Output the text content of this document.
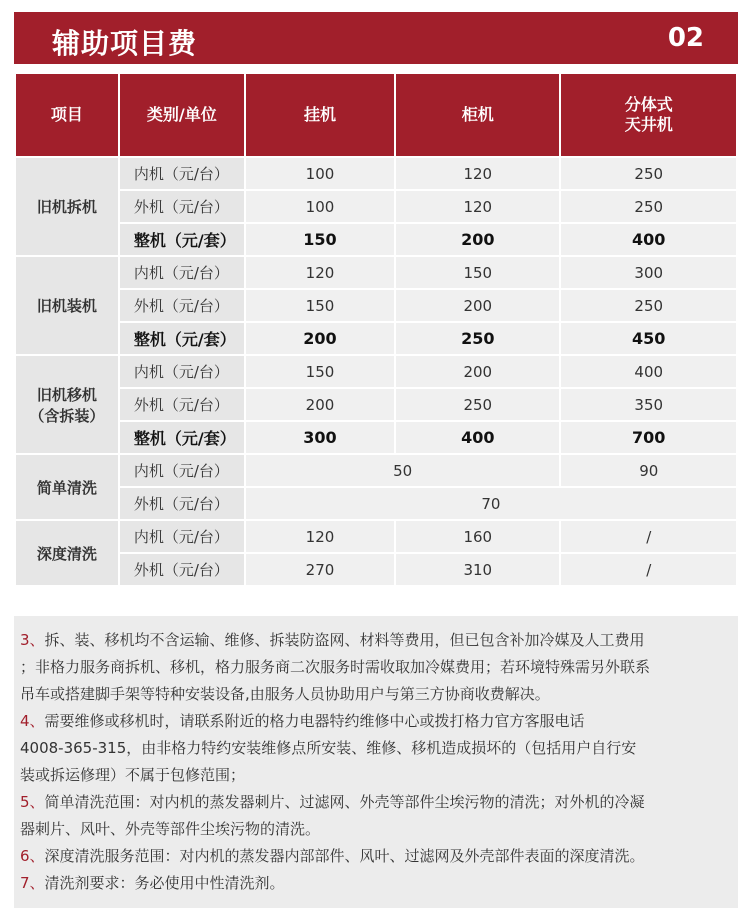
辅助项目费	02
项目	类别/单位	挂机	柜机	分体式
天井机

旧机拆机	内机（元/台）	100	120	250
	外机（元/台）	100	120	250
	整机（元/套）	150	200	400
旧机装机	内机（元/台）	120	150	300
	外机（元/台）	150	200	250
	整机（元/套）	200	250	450

旧机移机
（含拆装）	内机（元/台）	150	200	400
	外机（元/台）	200	250	350
	整机（元/套）	300	400	700
简单清洗	内机（元/台）	50		90
	外机（元/台）	70		
深度清洗	内机（元/台）	120	160	/
	外机（元/台）	270	310	/

3、拆、装、移机均不含运输、维修、拆装防盗网、材料等费用，但已包含补加冷媒及人工费用

；非格力服务商拆机、移机，格力服务商二次服务时需收取加冷媒费用；若环境特殊需另外联系

吊车或搭建脚手架等特种安装设备,由服务人员协助用户与第三方协商收费解决。

4、需要维修或移机时，请联系附近的格力电器特约维修中心或拨打格力官方客服电话

4008-365-315，由非格力特约安装维修点所安装、维修、移机造成损坏的（包括用户自行安

装或拆运修理）不属于包修范围；

5、简单清洗范围：对内机的蒸发器刺片、过滤网、外壳等部件尘埃污物的清洗；对外机的冷凝

器刺片、风叶、外壳等部件尘埃污物的清洗。

6、深度清洗服务范围：对内机的蒸发器内部部件、风叶、过滤网及外壳部件表面的深度清洗。

7、清洗剂要求：务必使用中性清洗剂。
